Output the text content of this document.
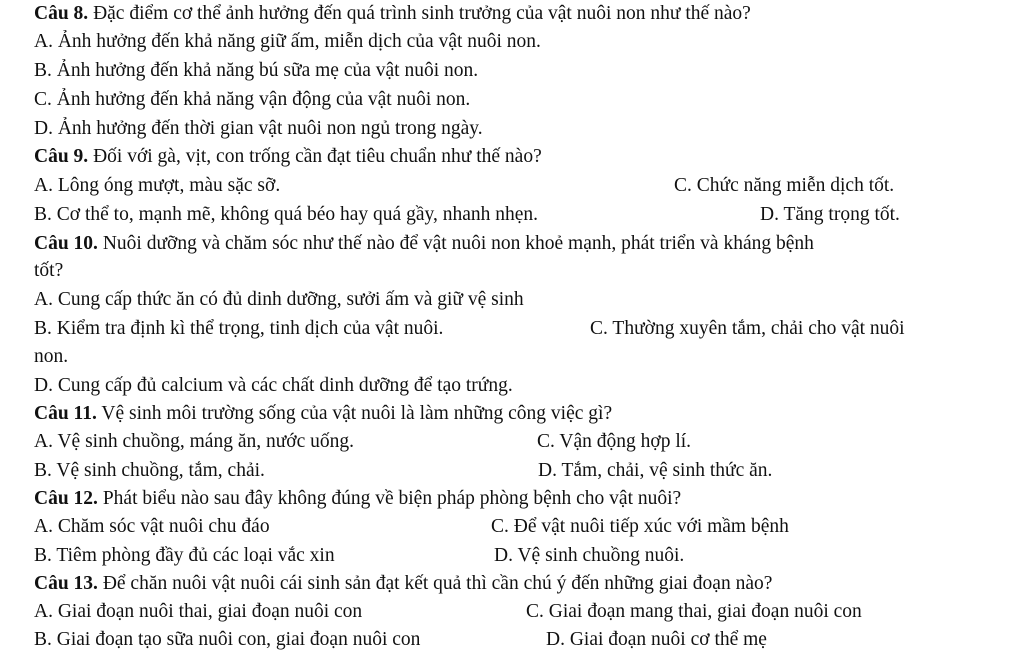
Câu 8. Đặc điểm cơ thể ảnh hưởng đến quá trình sinh trưởng của vật nuôi non như thế nào?
A. Ảnh hưởng đến khả năng giữ ấm, miễn dịch của vật nuôi non.
B. Ảnh hưởng đến khả năng bú sữa mẹ của vật nuôi non.
C. Ảnh hưởng đến khả năng vận động của vật nuôi non.
D. Ảnh hưởng đến thời gian vật nuôi non ngủ trong ngày.
Câu 9. Đối với gà, vịt, con trống cần đạt tiêu chuẩn như thế nào?
A. Lông óng mượt, màu sặc sỡ.	C. Chức năng miễn dịch tốt.
B. Cơ thể to, mạnh mẽ, không quá béo hay quá gầy, nhanh nhẹn.	D. Tăng trọng tốt.
Câu 10. Nuôi dưỡng và chăm sóc như thế nào để vật nuôi non khoẻ mạnh, phát triển và kháng bệnh
tốt?
A. Cung cấp thức ăn có đủ dinh dưỡng, sưởi ấm và giữ vệ sinh
B. Kiểm tra định kì thể trọng, tinh dịch của vật nuôi.	C. Thường xuyên tắm, chải cho vật nuôi
non.
D. Cung cấp đủ calcium và các chất dinh dưỡng để tạo trứng.
Câu 11. Vệ sinh môi trường sống của vật nuôi là làm những công việc gì?
A. Vệ sinh chuồng, máng ăn, nước uống.	C. Vận động hợp lí.
B. Vệ sinh chuồng, tắm, chải.	D. Tắm, chải, vệ sinh thức ăn.
Câu 12. Phát biểu nào sau đây không đúng về biện pháp phòng bệnh cho vật nuôi?
A. Chăm sóc vật nuôi chu đáo	C. Để vật nuôi tiếp xúc với mầm bệnh
B. Tiêm phòng đầy đủ các loại vắc xin	D. Vệ sinh chuồng nuôi.
Câu 13. Để chăn nuôi vật nuôi cái sinh sản đạt kết quả thì cần chú ý đến những giai đoạn nào?
A. Giai đoạn nuôi thai, giai đoạn nuôi con	C. Giai đoạn mang thai, giai đoạn nuôi con
B. Giai đoạn tạo sữa nuôi con, giai đoạn nuôi con	D. Giai đoạn nuôi cơ thể mẹ
